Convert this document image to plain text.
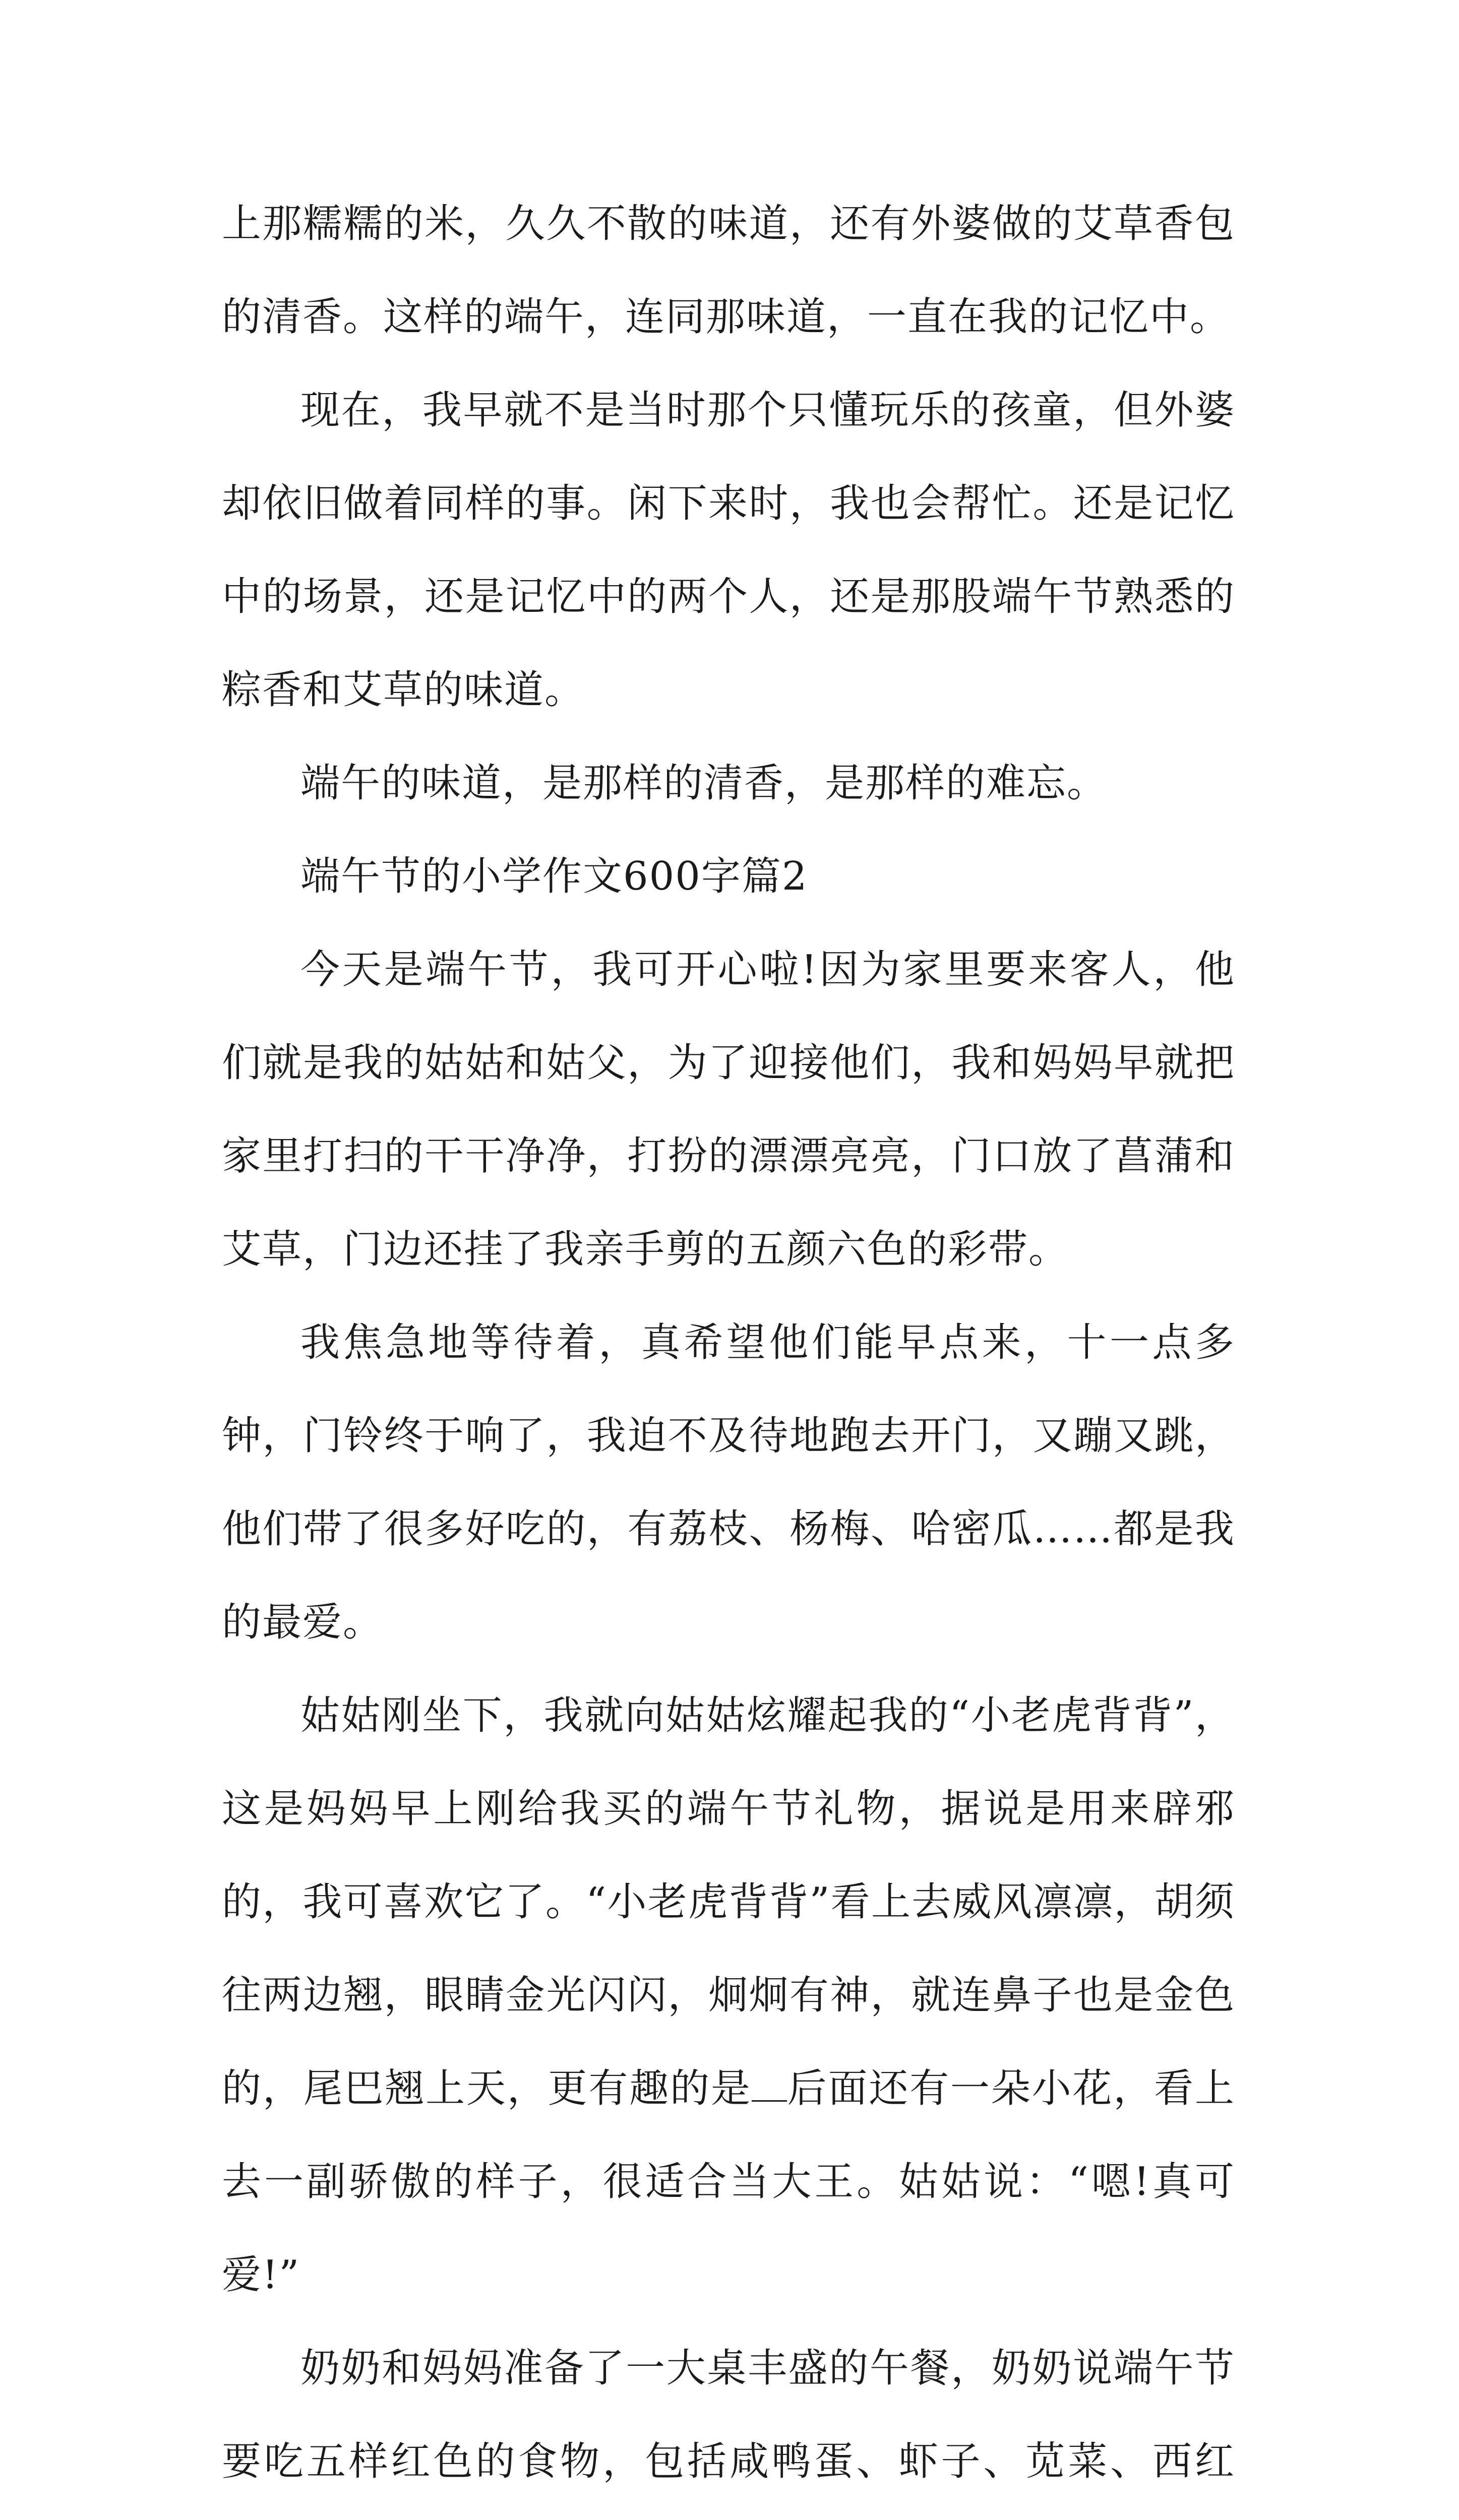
上那糯糯的米，久久不散的味道，还有外婆做的艾草香包的清香。这样的端午，连同那味道，一直在我的记忆中。

现在，我早就不是当时那个只懂玩乐的孩童，但外婆却依旧做着同样的事。闲下来时，我也会帮忙。还是记忆中的场景，还是记忆中的两个人，还是那股端午节熟悉的粽香和艾草的味道。

端午的味道，是那样的清香，是那样的难忘。

端午节的小学作文600字篇2

今天是端午节，我可开心啦!因为家里要来客人，他们就是我的姑姑和姑父，为了迎接他们，我和妈妈早就把家里打扫的干干净净，打扮的漂漂亮亮，门口放了菖蒲和艾草，门边还挂了我亲手剪的五颜六色的彩带。

我焦急地等待着，真希望他们能早点来，十一点多钟，门铃终于响了，我迫不及待地跑去开门，又蹦又跳，他们带了很多好吃的，有荔枝、杨梅、哈密瓜……都是我的最爱。

姑姑刚坐下，我就向姑姑炫耀起我的“小老虎背背”，这是妈妈早上刚给我买的端午节礼物，据说是用来辟邪的，我可喜欢它了。“小老虎背背”看上去威风凛凛，胡须往两边翘，眼睛金光闪闪，炯炯有神，就连鼻子也是金色的，尾巴翘上天，更有趣的是 后面还有一朵小花，看上去一副骄傲的样子，很适合当大王。姑姑说：“嗯!真可爱!”

奶奶和妈妈准备了一大桌丰盛的午餐，奶奶说端午节要吃五样红色的食物，包括咸鸭蛋、虾子、苋菜、西红
